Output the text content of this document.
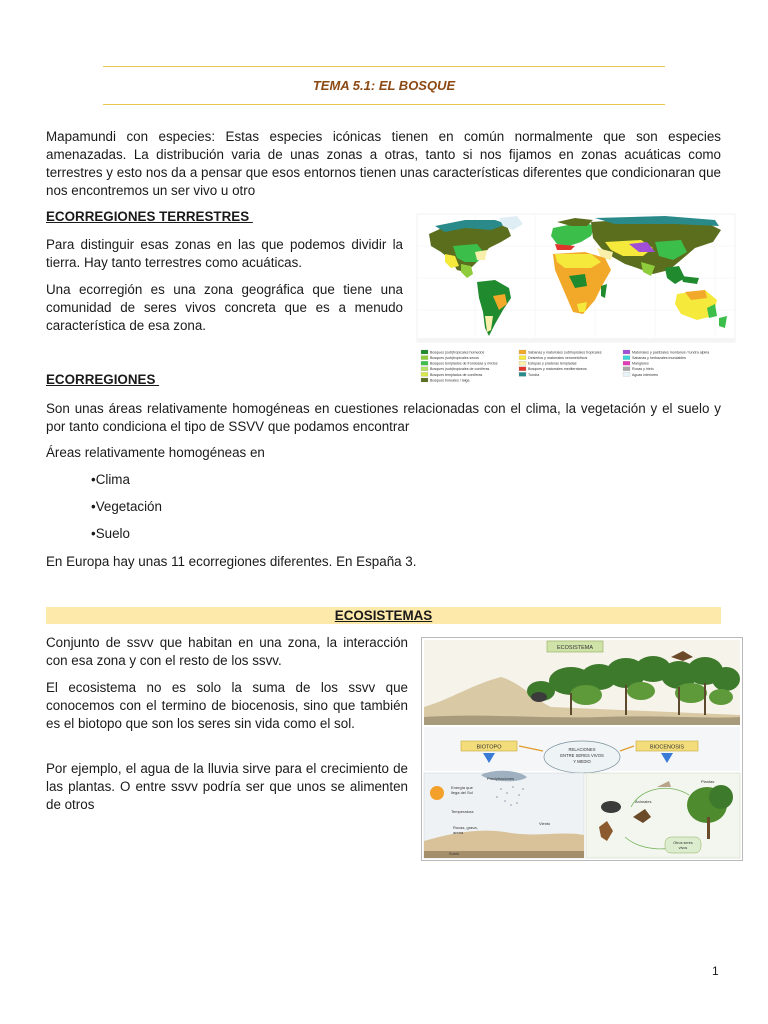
TEMA 5.1: EL BOSQUE

Mapamundi con especies: Estas especies icónicas tienen en común normalmente que son especies amenazadas. La distribución varia de unas zonas a otras, tanto si nos fijamos en zonas acuáticas como terrestres y esto nos da a pensar que esos entornos tienen unas características diferentes que condicionaran que nos encontremos un ser vivo u otro

ECORREGIONES TERRESTRES

Para distinguir esas zonas en las que podemos dividir la tierra. Hay tanto terrestres como acuáticas.

Una ecorregión es una zona geográfica que tiene una comunidad de seres vivos concreta que es a menudo característica de esa zona.

Bosques (sub)tropicales húmedos
Bosques (sub)tropicales secos
Bosques templados de frondosas y mixtos
Bosques (sub)tropicales de coníferas
Bosques templados de coníferas
Bosques boreales / taiga
Sabanas y matorrales subtropicales tropicales
Desiertos y matorrales xerometóficos
Estepas y praderas templadas
Bosques y matorrales mediterráneos
Tundra
Matorrales y pastizales montanos / tundra alpina
Sabanas y herbazales inundables
Manglares
Rocas y hielo
Aguas interiores
ECORREGIONES

Son unas áreas relativamente homogéneas en cuestiones relacionadas con el clima, la vegetación y el suelo y por tanto condiciona el tipo de SSVV que podamos encontrar

Áreas relativamente homogéneas en

•Clima
•Vegetación
•Suelo

En Europa hay unas 11 ecorregiones diferentes. En España 3.

ECOSISTEMAS

Conjunto de ssvv que habitan en una zona, la interacción con esa zona y con el resto de los ssvv.

El ecosistema no es solo la suma de los ssvv que conocemos con el termino de biocenosis, sino que también es el biotopo que son los seres sin vida como el sol.

Por ejemplo, el agua de la lluvia sirve para el crecimiento de las plantas. O entre ssvv podría ser que unos se alimenten de otros

ECOSISTEMA
BIOTOPO	BIOCENOSIS
RELACIONES
ENTRE SERES VIVOS
Y MEDIO
Energía que
llega del Sol
Precipitaciones
Temperatura
Rocas, grava,
arena
Viento
Suelo
Plantas
Animales
Otros seres
vivos
1
